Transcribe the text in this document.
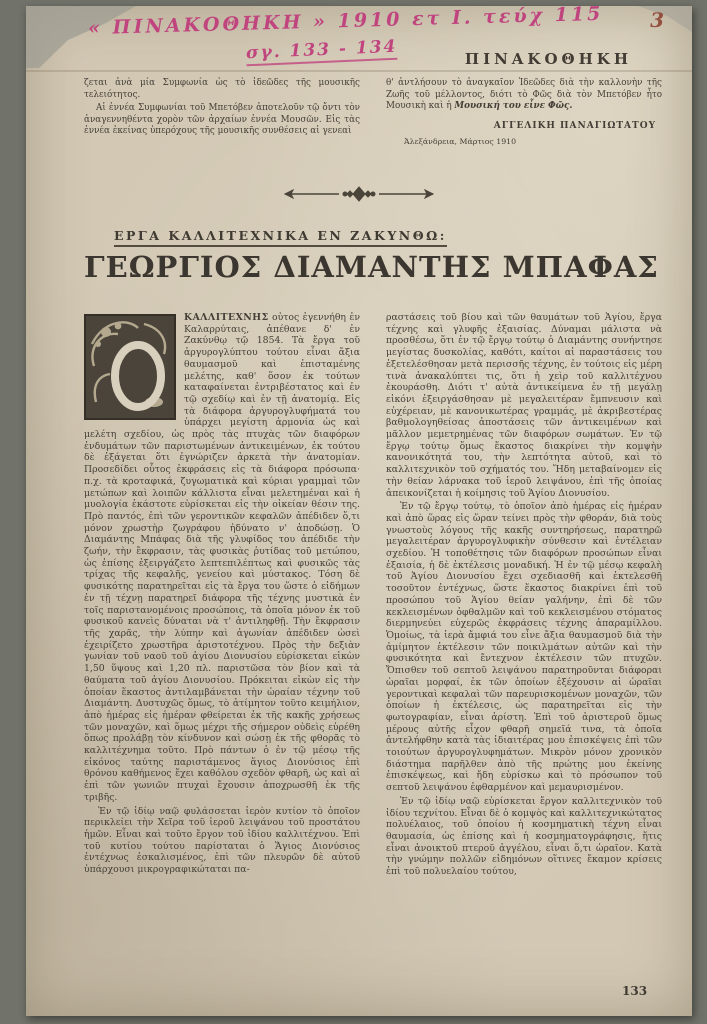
« ΠΙΝΑΚΟΘΗΚΗ » 1910 ετ Ι. τεύχ 115
σγ. 133 - 134
3
ΠΙΝΑΚΟΘΗΚΗ

ζεται ἀνὰ μία Συμφωνία ὡς τὸ ἰδεῶδες τῆς μουσικῆς τελειότητος.

Αἱ ἐννέα Συμφωνίαι τοῦ Μπετόβεν ἀποτελοῦν τῷ ὄντι τὸν ἀναγεννηθέντα χορὸν τῶν ἀρχαίων ἐννέα Μουσῶν. Εἰς τὰς ἐννέα ἐκείνας ὑπερόχους τῆς μουσικῆς συνθέσεις αἱ γενεαὶ

θ' ἀντλήσουν τὸ ἀναγκαῖον Ἰδεῶδες διὰ τὴν καλλονὴν τῆς Ζωῆς τοῦ μέλλοντος, διότι τὸ Φῶς διὰ τὸν Μπετόβεν ἦτο Μουσικὴ καὶ ἡ Μουσική του εἶνε Φῶς.

ΑΓΓΕΛΙΚΗ ΠΑΝΑΓΙΩΤΑΤΟΥ
Ἀλεξάνδρεια, Μάρτιος 1910
ΕΡΓΑ ΚΑΛΛΙΤΕΧΝΙΚΑ ΕΝ ΖΑΚΥΝΘΩ:
ΓΕΩΡΓΙΟΣ ΔΙΑΜΑΝΤΗΣ ΜΠΑΦΑΣ

ΚΑΛΛΙΤΕΧΝΗΣ οὗτος ἐγεννήθη ἐν Καλαρρύταις, ἀπέθανε δ' ἐν Ζακύνθῳ τῷ 1854. Τὰ ἔργα τοῦ ἀργυρογλύπτου τούτου εἶναι ἄξια θαυμασμοῦ καὶ ἐπισταμένης μελέτης, καθ' ὅσον ἐκ τούτων καταφαίνεται ἐντριβέστατος καὶ ἐν τῷ σχεδίῳ καὶ ἐν τῇ ἀνατομίᾳ. Εἰς τὰ διάφορα ἀργυρογλυφήματά του ὑπάρχει μεγίστη ἁρμονία ὡς καὶ μελέτη σχεδίου, ὡς πρὸς τὰς πτυχὰς τῶν διαφόρων ἐνδυμάτων τῶν παριστωμένων ἀντικειμένων, ἐκ τούτου δὲ ἐξάγεται ὅτι ἐγνώριζεν ἀρκετὰ τὴν ἀνατομίαν. Προσεδίδει οὗτος ἐκφράσεις εἰς τὰ διάφορα πρόσωπα· π.χ. τὰ κροταφικά, ζυγωματικὰ καὶ κύριαι γραμμαὶ τῶν μετώπων καὶ λοιπῶν κάλλιστα εἶναι μελετημέναι καὶ ἡ μυολογία ἑκάστοτε εὑρίσκεται εἰς τὴν οἰκείαν θέσιν της. Πρὸ παντός, ἐπὶ τῶν γεροντικῶν κεφαλῶν ἀπέδιδεν ὅ,τι μόνον χρωστὴρ ζωγράφου ἠδύνατο ν' ἀποδώσῃ. Ὁ Διαμάντης Μπάφας διὰ τῆς γλυφίδος του ἀπέδιδε τὴν ζωήν, τὴν ἔκφρασιν, τὰς φυσικὰς ῥυτίδας τοῦ μετώπου, ὡς ἐπίσης ἐξειργάζετο λεπτεπιλέπτως καὶ φυσικῶς τὰς τρίχας τῆς κεφαλῆς, γενείου καὶ μύστακος. Τόση δὲ φυσικότης παρατηρεῖται εἰς τὰ ἔργα του ὥστε ὁ εἰδήμων ἐν τῇ τέχνῃ παρατηρεῖ διάφορα τῆς τέχνης μυστικὰ ἐν τοῖς παριστανομένοις προσώποις, τὰ ὁποῖα μόνον ἐκ τοῦ φυσικοῦ κανεὶς δύναται νὰ τ' ἀντιληφθῇ. Τὴν ἔκφρασιν τῆς χαρᾶς, τὴν λύπην καὶ ἀγωνίαν ἀπέδιδεν ὡσεὶ ἐχειρίζετο χρωστῆρα ἀριστοτέχνου. Πρὸς τὴν δεξιὰν γωνίαν τοῦ ναοῦ τοῦ ἁγίου Διονυσίου εὑρίσκεται εἰκὼν 1,50 ὕψους καὶ 1,20 πλ. παριστῶσα τὸν βίον καὶ τὰ θαύματα τοῦ ἁγίου Διονυσίου. Πρόκειται εἰκὼν εἰς τὴν ὁποίαν ἕκαστος ἀντιλαμβάνεται τὴν ὡραίαν τέχνην τοῦ Διαμάντη. Δυστυχῶς ὅμως, τὸ ἀτίμητον τοῦτο κειμήλιον, ἀπὸ ἡμέρας εἰς ἡμέραν φθείρεται ἐκ τῆς κακῆς χρήσεως τῶν μοναχῶν, καὶ ὅμως μέχρι τῆς σήμερον οὐδεὶς εὑρέθη ὅπως προλάβῃ τὸν κίνδυνον καὶ σώσῃ ἐκ τῆς φθορᾶς τὸ καλλιτέχνημα τοῦτο. Πρὸ πάντων ὁ ἐν τῷ μέσῳ τῆς εἰκόνος ταύτης παριστάμενος ἅγιος Διονύσιος ἐπὶ θρόνου καθήμενος ἔχει καθόλου σχεδὸν φθαρῆ, ὡς καὶ αἱ ἐπὶ τῶν γωνιῶν πτυχαὶ ἔχουσιν ἀποχρωσθῆ ἐκ τῆς τριβῆς.

Ἐν τῷ ἰδίῳ ναῷ φυλάσσεται ἱερὸν κυτίον τὸ ὁποῖον περικλείει τὴν Χεῖρα τοῦ ἱεροῦ λειψάνου τοῦ προστάτου ἡμῶν. Εἶναι καὶ τοῦτο ἔργον τοῦ ἰδίου καλλιτέχνου. Ἐπὶ τοῦ κυτίου τούτου παρίσταται ὁ Ἅγιος Διονύσιος ἐντέχνως ἐσκαλισμένος, ἐπὶ τῶν πλευρῶν δὲ αὐτοῦ ὑπάρχουσι μικρογραφικώταται πα-

ραστάσεις τοῦ βίου καὶ τῶν θαυμάτων τοῦ Ἁγίου, ἔργα τέχνης καὶ γλυφῆς ἐξαισίας. Δύναμαι μάλιστα νὰ προσθέσω, ὅτι ἐν τῷ ἔργῳ τούτῳ ὁ Διαμάντης συνήντησε μεγίστας δυσκολίας, καθότι, καίτοι αἱ παραστάσεις του ἐξετελέσθησαν μετὰ περισσῆς τέχνης, ἐν τούτοις εἰς μέρη τινὰ ἀνακαλύπτει τις, ὅτι ἡ χεὶρ τοῦ καλλιτέχνου ἐκουράσθη. Διότι τ' αὐτὰ ἀντικείμενα ἐν τῇ μεγάλῃ εἰκόνι ἐξειργάσθησαν μὲ μεγαλειτέραν ἔμπνευσιν καὶ εὐχέρειαν, μὲ κανονικωτέρας γραμμάς, μὲ ἀκριβεστέρας βαθμολογηθείσας ἀποστάσεις τῶν ἀντικειμένων καὶ μᾶλλον μεμετρημένας τῶν διαφόρων σωμάτων. Ἐν τῷ ἔργῳ τούτῳ ὅμως ἕκαστος διακρίνει τὴν κομψὴν κανονικότητά του, τὴν λεπτότητα αὐτοῦ, καὶ τὸ καλλιτεχνικὸν τοῦ σχήματός του. Ἤδη μεταβαίνομεν εἰς τὴν θείαν λάρνακα τοῦ ἱεροῦ λειψάνου, ἐπὶ τῆς ὁποίας ἀπεικονίζεται ἡ κοίμησις τοῦ Ἁγίου Διονυσίου.

Ἐν τῷ ἔργῳ τούτῳ, τὸ ὁποῖον ἀπὸ ἡμέρας εἰς ἡμέραν καὶ ἀπὸ ὥρας εἰς ὥραν τείνει πρὸς τὴν φθοράν, διὰ τοὺς γνωστοὺς λόγους τῆς κακῆς συντηρήσεως, παρατηρῶ μεγαλειτέραν ἀργυρογλυφικὴν σύνθεσιν καὶ ἐντέλειαν σχεδίου. Ἡ τοποθέτησις τῶν διαφόρων προσώπων εἶναι ἐξαισία, ἡ δὲ ἐκτέλεσις μοναδική. Ἡ ἐν τῷ μέσῳ κεφαλὴ τοῦ Ἁγίου Διονυσίου ἔχει σχεδιασθῆ καὶ ἐκτελεσθῆ τοσοῦτον ἐντέχνως, ὥστε ἕκαστος διακρίνει ἐπὶ τοῦ προσώπου τοῦ Ἁγίου θείαν γαλήνην, ἐπὶ δὲ τῶν κεκλεισμένων ὀφθαλμῶν καὶ τοῦ κεκλεισμένου στόματος διερμηνεύει εὐχερῶς ἐκφράσεις τέχνης ἀπαραμίλλου. Ὁμοίως, τὰ ἱερὰ ἄμφιά του εἶνε ἄξια θαυμασμοῦ διὰ τὴν ἀμίμητον ἐκτέλεσιν τῶν ποικιλμάτων αὐτῶν καὶ τὴν φυσικότητα καὶ ἔντεχνον ἐκτέλεσιν τῶν πτυχῶν. Ὄπισθεν τοῦ σεπτοῦ λειψάνου παρατηροῦνται διάφοραι ὡραῖαι μορφαί, ἐκ τῶν ὁποίων ἐξέχουσιν αἱ ὡραῖαι γεροντικαὶ κεφαλαὶ τῶν παρευρισκομένων μοναχῶν, τῶν ὁποίων ἡ ἐκτέλεσις, ὡς παρατηρεῖται εἰς τὴν φωτογραφίαν, εἶναι ἀρίστη. Ἐπὶ τοῦ ἀριστεροῦ ὅμως μέρους αὐτῆς εἶχον φθαρῆ σημεῖά τινα, τὰ ὁποῖα ἀντελήφθην κατὰ τὰς ἰδιαιτέρας μου ἐπισκέψεις ἐπὶ τῶν τοιούτων ἀργυρογλυφημάτων. Μικρὸν μόνον χρονικὸν διάστημα παρῆλθεν ἀπὸ τῆς πρώτης μου ἐκείνης ἐπισκέψεως, καὶ ἤδη εὑρίσκω καὶ τὸ πρόσωπον τοῦ σεπτοῦ λειψάνου ἐφθαρμένον καὶ μεμαυρισμένον.

Ἐν τῷ ἰδίῳ ναῷ εὑρίσκεται ἔργον καλλιτεχνικὸν τοῦ ἰδίου τεχνίτου. Εἶναι δὲ ὁ κομψὸς καὶ καλλιτεχνικώτατος πολυέλαιος, τοῦ ὁποίου ἡ κοσμηματικὴ τέχνη εἶναι θαυμασία, ὡς ἐπίσης καὶ ἡ κοσμηματογράφησις, ἥτις εἶναι ἀνοικτοῦ πτεροῦ ἀγγέλου, εἶναι ὅ,τι ὡραῖον. Κατὰ τὴν γνώμην πολλῶν εἰδημόνων οἵτινες ἔκαμον κρίσεις ἐπὶ τοῦ πολυελαίου τούτου,

133
